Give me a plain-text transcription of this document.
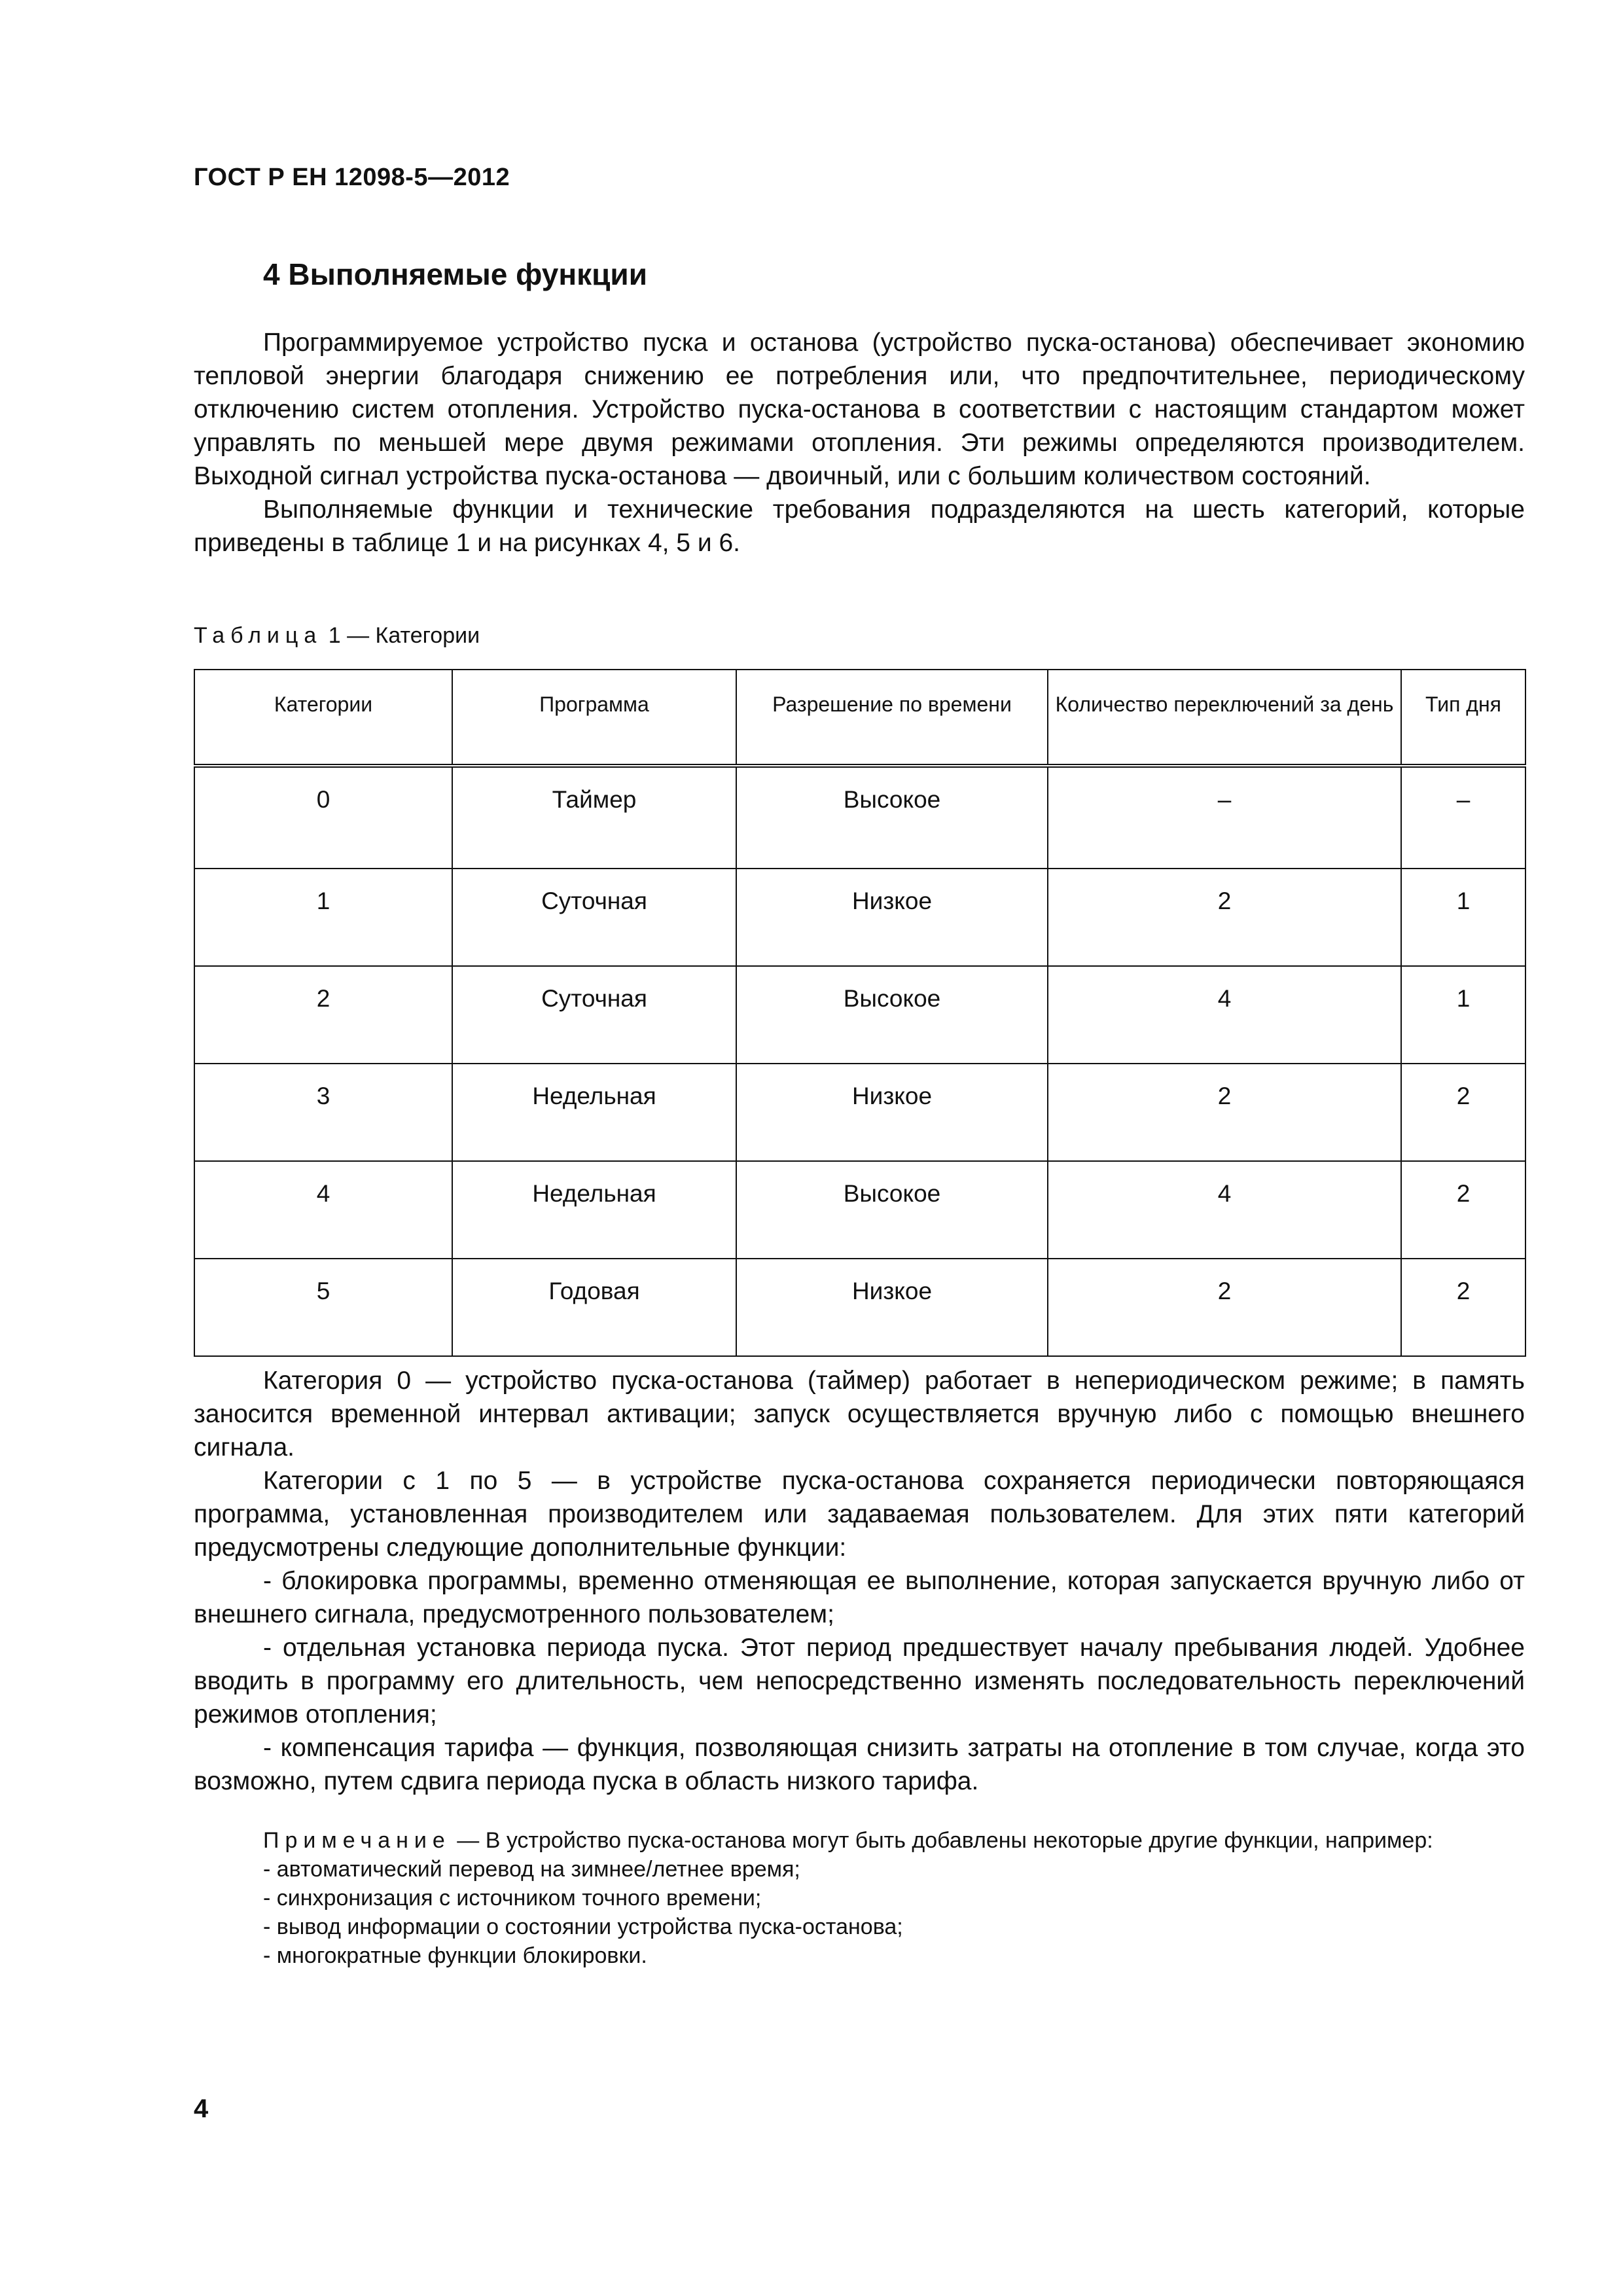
ГОСТ Р ЕН 12098-5—2012
4 Выполняемые функции

Программируемое устройство пуска и останова (устройство пуска-останова) обеспечивает экономию тепловой энергии благодаря снижению ее потребления или, что предпочтительнее, периодическому отключению систем отопления. Устройство пуска-останова в соответствии с настоящим стандартом может управлять по меньшей мере двумя режимами отопления. Эти режимы определяются производителем. Выходной сигнал устройства пуска-останова — двоичный, или с большим количеством состояний.

Выполняемые функции и технические требования подразделяются на шесть категорий, которые приведены в таблице 1 и на рисунках 4, 5 и 6.

Таблица 1 — Категории
Категории	Программа	Разрешение по времени	Количество переключений за день	Тип дня
0	Таймер	Высокое	–	–
1	Суточная	Низкое	2	1
2	Суточная	Высокое	4	1
3	Недельная	Низкое	2	2
4	Недельная	Высокое	4	2
5	Годовая	Низкое	2	2

Категория 0 — устройство пуска-останова (таймер) работает в непериодическом режиме; в память заносится временной интервал активации; запуск осуществляется вручную либо с помощью внешнего сигнала.

Категории с 1 по 5 — в устройстве пуска-останова сохраняется периодически повторяющаяся программа, установленная производителем или задаваемая пользователем. Для этих пяти категорий предусмотрены следующие дополнительные функции:

- блокировка программы, временно отменяющая ее выполнение, которая запускается вручную либо от внешнего сигнала, предусмотренного пользователем;

- отдельная установка периода пуска. Этот период предшествует началу пребывания людей. Удобнее вводить в программу его длительность, чем непосредственно изменять последовательность переключений режимов отопления;

- компенсация тарифа — функция, позволяющая снизить затраты на отопление в том случае, когда это возможно, путем сдвига периода пуска в область низкого тарифа.

Примечание — В устройство пуска-останова могут быть добавлены некоторые другие функции, например:

- автоматический перевод на зимнее/летнее время;

- синхронизация с источником точного времени;

- вывод информации о состоянии устройства пуска-останова;

- многократные функции блокировки.

4
